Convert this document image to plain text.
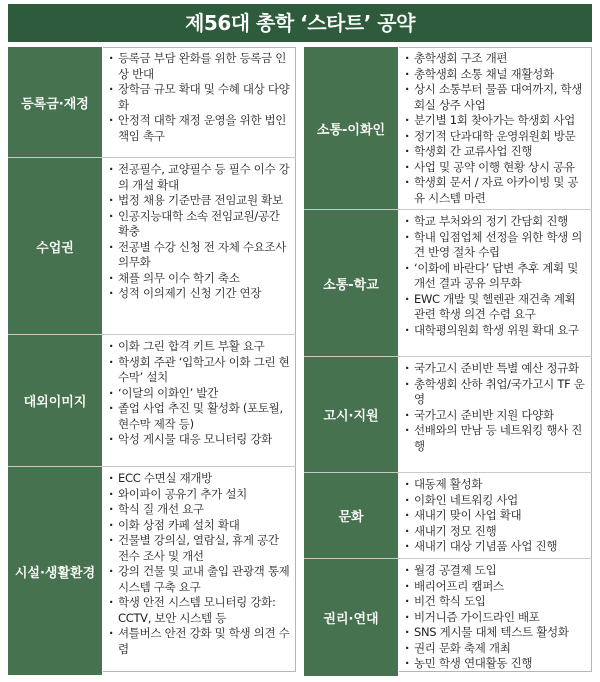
제56대 총학 ‘스타트’ 공약
등록금·재정
· 등록금 부담 완화를 위한 등록금 인상 반대
· 장학금 규모 확대 및 수혜 대상 다양화
· 안정적 대학 재정 운영을 위한 법인 책임 촉구
수업권
· 전공필수, 교양필수 등 필수 이수 강의 개설 확대
· 법정 채용 기준만큼 전임교원 확보
· 인공지능대학 소속 전임교원/공간 확충
· 전공별 수강 신청 전 자체 수요조사 의무화
· 채플 의무 이수 학기 축소
· 성적 이의제기 신청 기간 연장
대외이미지
· 이화 그린 합격 키트 부활 요구
· 학생회 주관 ‘입학고사 이화 그린 현수막’ 설치
· ‘이달의 이화인’ 발간
· 졸업 사업 추진 및 활성화 (포토월, 현수막 제작 등)
· 악성 게시물 대응 모니터링 강화
시설·생활환경
· ECC 수면실 재개방
· 와이파이 공유기 추가 설치
· 학식 질 개선 요구
· 이화 상점 카페 설치 확대
· 건물별 강의실, 열람실, 휴게 공간 전수 조사 및 개선
· 강의 건물 및 교내 출입 관광객 통제 시스템 구축 요구
· 학생 안전 시스템 모니터링 강화: CCTV, 보안 시스템 등
· 셔틀버스 안전 강화 및 학생 의견 수렴
소통-이화인
· 총학생회 구조 개편
· 총학생회 소통 채널 재활성화
· 상시 소통부터 물품 대여까지, 학생회실 상주 사업
· 분기별 1회 찾아가는 학생회 사업
· 정기적 단과대학 운영위원회 방문
· 학생회 간 교류사업 진행
· 사업 및 공약 이행 현황 상시 공유
· 학생회 문서 / 자료 아카이빙 및 공유 시스템 마련
소통-학교
· 학교 부처와의 정기 간담회 진행
· 학내 입점업체 선정을 위한 학생 의견 반영 절차 수립
· ‘이화에 바란다’ 답변 추후 계획 및 개선 결과 공유 의무화
· EWC 개발 및 헬렌관 재건축 계획 관련 학생 의견 수렴 요구
· 대학평의원회 학생 위원 확대 요구
고시·지원
· 국가고시 준비반 특별 예산 정규화
· 총학생회 산하 취업/국가고시 TF 운영
· 국가고시 준비반 지원 다양화
· 선배와의 만남 등 네트워킹 행사 진행
문화
· 대동제 활성화
· 이화인 네트워킹 사업
· 새내기 맞이 사업 확대
· 새내기 정모 진행
· 새내기 대상 기념품 사업 진행
권리·연대
· 월경 공결제 도입
· 배리어프리 캠퍼스
· 비건 학식 도입
· 비거니즘 가이드라인 배포
· SNS 게시물 대체 텍스트 활성화
· 권리 문화 축제 개최
· 농민 학생 연대활동 진행
